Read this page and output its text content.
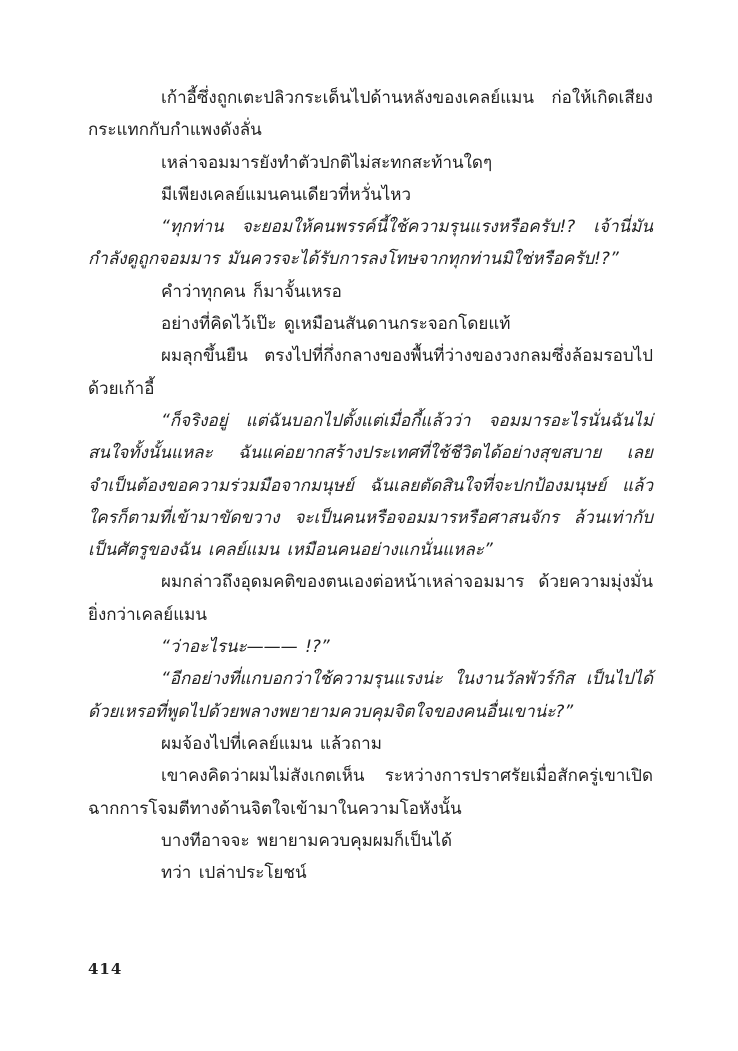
เก้าอี้ซึ่งถูกเตะปลิวกระเด็นไปด้านหลังของเคลย์แมน ก่อให้เกิดเสียงกระแทกกับกำแพงดังลั่น

เหล่าจอมมารยังทำตัวปกติไม่สะทกสะท้านใดๆ

มีเพียงเคลย์แมนคนเดียวที่หวั่นไหว

“ทุกท่าน จะยอมให้คนพรรค์นี้ใช้ความรุนแรงหรือครับ!? เจ้านี่มันกำลังดูถูกจอมมาร มันควรจะได้รับการลงโทษจากทุกท่านมิใช่หรือครับ!?”

คำว่าทุกคน ก็มาจั้นเหรอ

อย่างที่คิดไว้เป๊ะ ดูเหมือนสันดานกระจอกโดยแท้

ผมลุกขึ้นยืน ตรงไปที่กึ่งกลางของพื้นที่ว่างของวงกลมซึ่งล้อมรอบไปด้วยเก้าอี้

“ก็จริงอยู่ แต่ฉันบอกไปตั้งแต่เมื่อกี้แล้วว่า จอมมารอะไรนั่นฉันไม่สนใจทั้งนั้นแหละ ฉันแค่อยากสร้างประเทศที่ใช้ชีวิตได้อย่างสุขสบาย เลยจำเป็นต้องขอความร่วมมือจากมนุษย์ ฉันเลยตัดสินใจที่จะปกป้องมนุษย์ แล้วใครก็ตามที่เข้ามาขัดขวาง จะเป็นคนหรือจอมมารหรือศาสนจักร ล้วนเท่ากับเป็นศัตรูของฉัน เคลย์แมน เหมือนคนอย่างแกนั่นแหละ”

ผมกล่าวถึงอุดมคติของตนเองต่อหน้าเหล่าจอมมาร ด้วยความมุ่งมั่นยิ่งกว่าเคลย์แมน

“ว่าอะไรนะ——— !?”

“อีกอย่างที่แกบอกว่าใช้ความรุนแรงน่ะ ในงานวัลพัวร์กิส เป็นไปได้ด้วยเหรอที่พูดไปด้วยพลางพยายามควบคุมจิตใจของคนอื่นเขาน่ะ?”

ผมจ้องไปที่เคลย์แมน แล้วถาม

เขาคงคิดว่าผมไม่สังเกตเห็น ระหว่างการปราศรัยเมื่อสักครู่เขาเปิดฉากการโจมตีทางด้านจิตใจเข้ามาในความโอหังนั้น

บางทีอาจจะ พยายามควบคุมผมก็เป็นได้

ทว่า เปล่าประโยชน์

414
